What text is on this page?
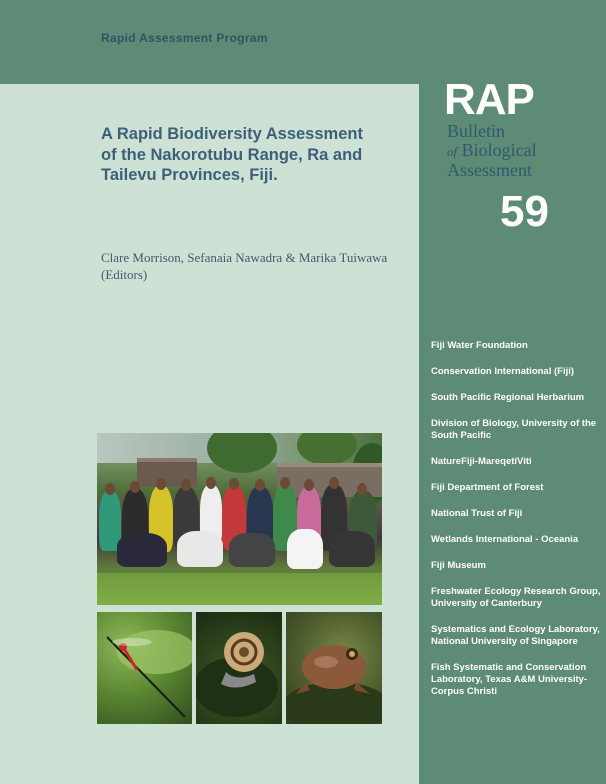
Rapid Assessment Program
A Rapid Biodiversity Assessment
of the Nakorotubu Range, Ra and
Tailevu Provinces, Fiji.
Clare Morrison, Sefanaia Nawadra & Marika Tuiwawa
(Editors)
RAP
Bulletin
of Biological
Assessment
59
Fiji Water Foundation
Conservation International (Fiji)
South Pacific Regional Herbarium
Division of Biology, University of the South Pacific
NatureFiji-MareqetiViti
Fiji Department of Forest
National Trust of Fiji
Wetlands International - Oceania
Fiji Museum
Freshwater Ecology Research Group, University of Canterbury
Systematics and Ecology Laboratory, National University of Singapore
Fish Systematic and Conservation Laboratory, Texas A&M University-Corpus Christi
